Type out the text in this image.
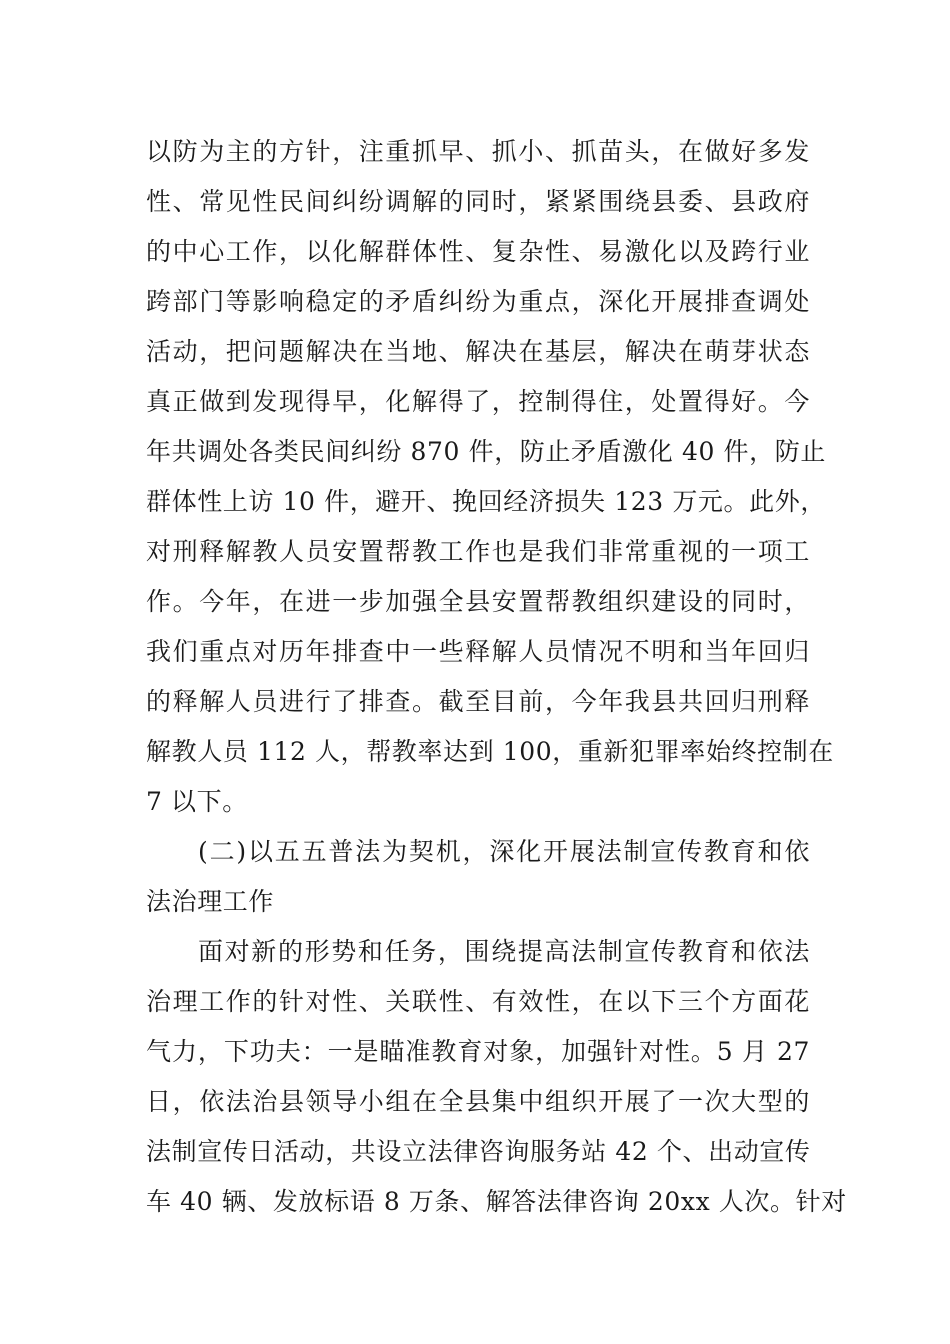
以防为主的方针，注重抓早、抓小、抓苗头，在做好多发
性、常见性民间纠纷调解的同时，紧紧围绕县委、县政府
的中心工作，以化解群体性、复杂性、易激化以及跨行业
跨部门等影响稳定的矛盾纠纷为重点，深化开展排查调处
活动，把问题解决在当地、解决在基层，解决在萌芽状态
真正做到发现得早，化解得了，控制得住，处置得好。今
年共调处各类民间纠纷 870 件，防止矛盾激化 40 件，防止
群体性上访 10 件，避开、挽回经济损失 123 万元。此外，
对刑释解教人员安置帮教工作也是我们非常重视的一项工
作。今年，在进一步加强全县安置帮教组织建设的同时，
我们重点对历年排查中一些释解人员情况不明和当年回归
的释解人员进行了排查。截至目前，今年我县共回归刑释
解教人员 112 人，帮教率达到 100，重新犯罪率始终控制在
7 以下。
(二)以五五普法为契机，深化开展法制宣传教育和依
法治理工作
面对新的形势和任务，围绕提高法制宣传教育和依法
治理工作的针对性、关联性、有效性，在以下三个方面花
气力，下功夫：一是瞄准教育对象，加强针对性。5 月 27
日，依法治县领导小组在全县集中组织开展了一次大型的
法制宣传日活动，共设立法律咨询服务站 42 个、出动宣传
车 40 辆、发放标语 8 万条、解答法律咨询 20xx 人次。针对
